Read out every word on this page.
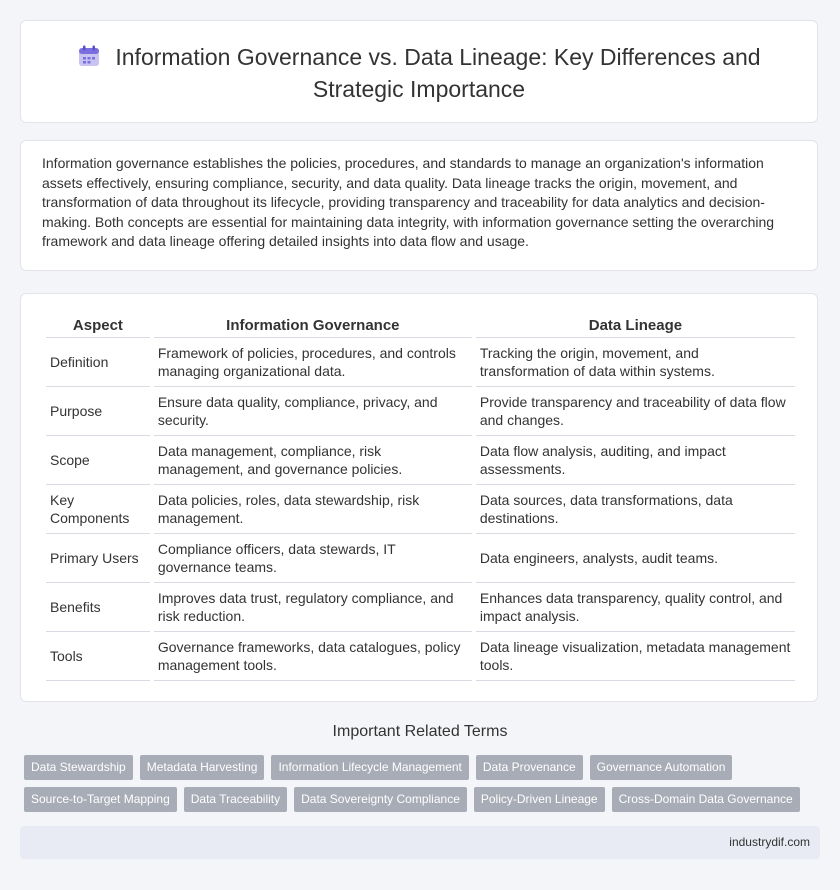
Information Governance vs. Data Lineage: Key Differences and
Strategic Importance

Information governance establishes the policies, procedures, and standards to manage an organization's information assets effectively, ensuring compliance, security, and data quality. Data lineage tracks the origin, movement, and transformation of data throughout its lifecycle, providing transparency and traceability for data analytics and decision-making. Both concepts are essential for maintaining data integrity, with information governance setting the overarching framework and data lineage offering detailed insights into data flow and usage.

Aspect	Information Governance	Data Lineage
Definition	Framework of policies, procedures, and controls managing organizational data.	Tracking the origin, movement, and transformation of data within systems.
Purpose	Ensure data quality, compliance, privacy, and security.	Provide transparency and traceability of data flow and changes.
Scope	Data management, compliance, risk management, and governance policies.	Data flow analysis, auditing, and impact assessments.
Key Components	Data policies, roles, data stewardship, risk management.	Data sources, data transformations, data destinations.
Primary Users	Compliance officers, data stewards, IT governance teams.	Data engineers, analysts, audit teams.
Benefits	Improves data trust, regulatory compliance, and risk reduction.	Enhances data transparency, quality control, and impact analysis.
Tools	Governance frameworks, data catalogues, policy management tools.	Data lineage visualization, metadata management tools.
Important Related Terms
Data Stewardship	Metadata Harvesting	Information Lifecycle Management	Data Provenance	Governance Automation
Source-to-Target Mapping	Data Traceability	Data Sovereignty Compliance	Policy-Driven Lineage	Cross-Domain Data Governance
industrydif.com
